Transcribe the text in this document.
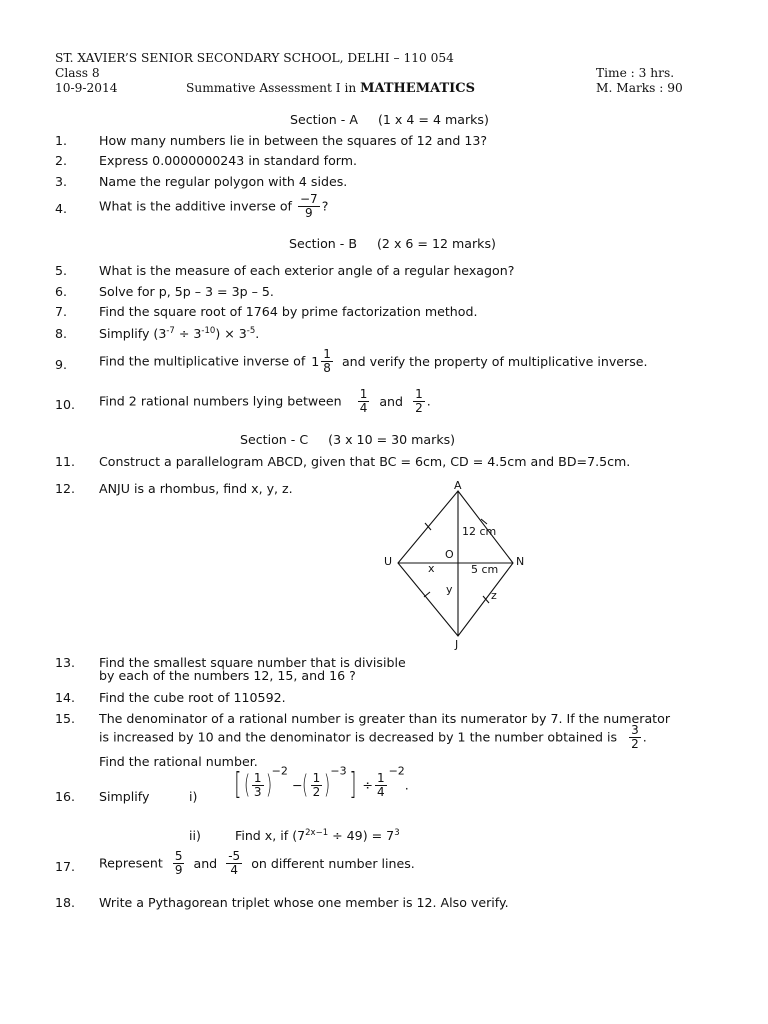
ST. XAVIER’S SENIOR SECONDARY SCHOOL, DELHI – 110 054
Class 8	Time : 3 hrs.
10-9-2014	Summative Assessment I in MATHEMATICS	M. Marks : 90
Section - A (1 x 4 = 4 marks)
1.	How many numbers lie in between the squares of 12 and 13?
2.	Express 0.0000000243 in standard form.
3.	Name the regular polygon with 4 sides.
4.	What is the additive inverse of $\frac{-7}{9}$ ?
Section - B (2 x 6 = 12 marks)
5.	What is the measure of each exterior angle of a regular hexagon?
6.	Solve for p, 5p – 3 = 3p – 5.
7.	Find the square root of 1764 by prime factorization method.
8.	Simplify $(3^{-7} \div 3^{-10}) \times 3^{-5}$.
9.	Find the multiplicative inverse of $1 \frac{1}{8}$ and verify the property of multiplicative inverse.
10. Find 2 rational numbers lying between $\frac{1}{4}$ and $\frac{1}{2}$ .
Section - C (3 x 10 = 30 marks)
11. Construct a parallelogram ABCD, given that BC = 6cm, CD = 4.5cm and BD=7.5cm.
12. ANJU is a rhombus, find x, y, z.	A
N
J
U
O
12 cm
5 cm
x
y	z
13. Find the smallest square number that is divisible
by each of the numbers 12, 15, and 16 ?
14. Find the cube root of 110592.
15. The denominator of a rational number is greater than its numerator by 7. If the numerator
is increased by 10 and the denominator is decreased by 1 the number obtained is $\frac{3}{2}$ .
Find the rational number.
16. Simplify	i) [( $\frac{1}{3} )^{-2}$ −( $\frac{1}{2} )^{-3}] \div \frac{1}{4}$
$^{-2}$.
ii)	Find x, if $(7^{2x-1} \div 49) = 7^3$
17. Represent $\frac{5}{9}$ and $\frac{-5}{4}$ on different number lines.
18. Write a Pythagorean triplet whose one member is 12. Also verify.
